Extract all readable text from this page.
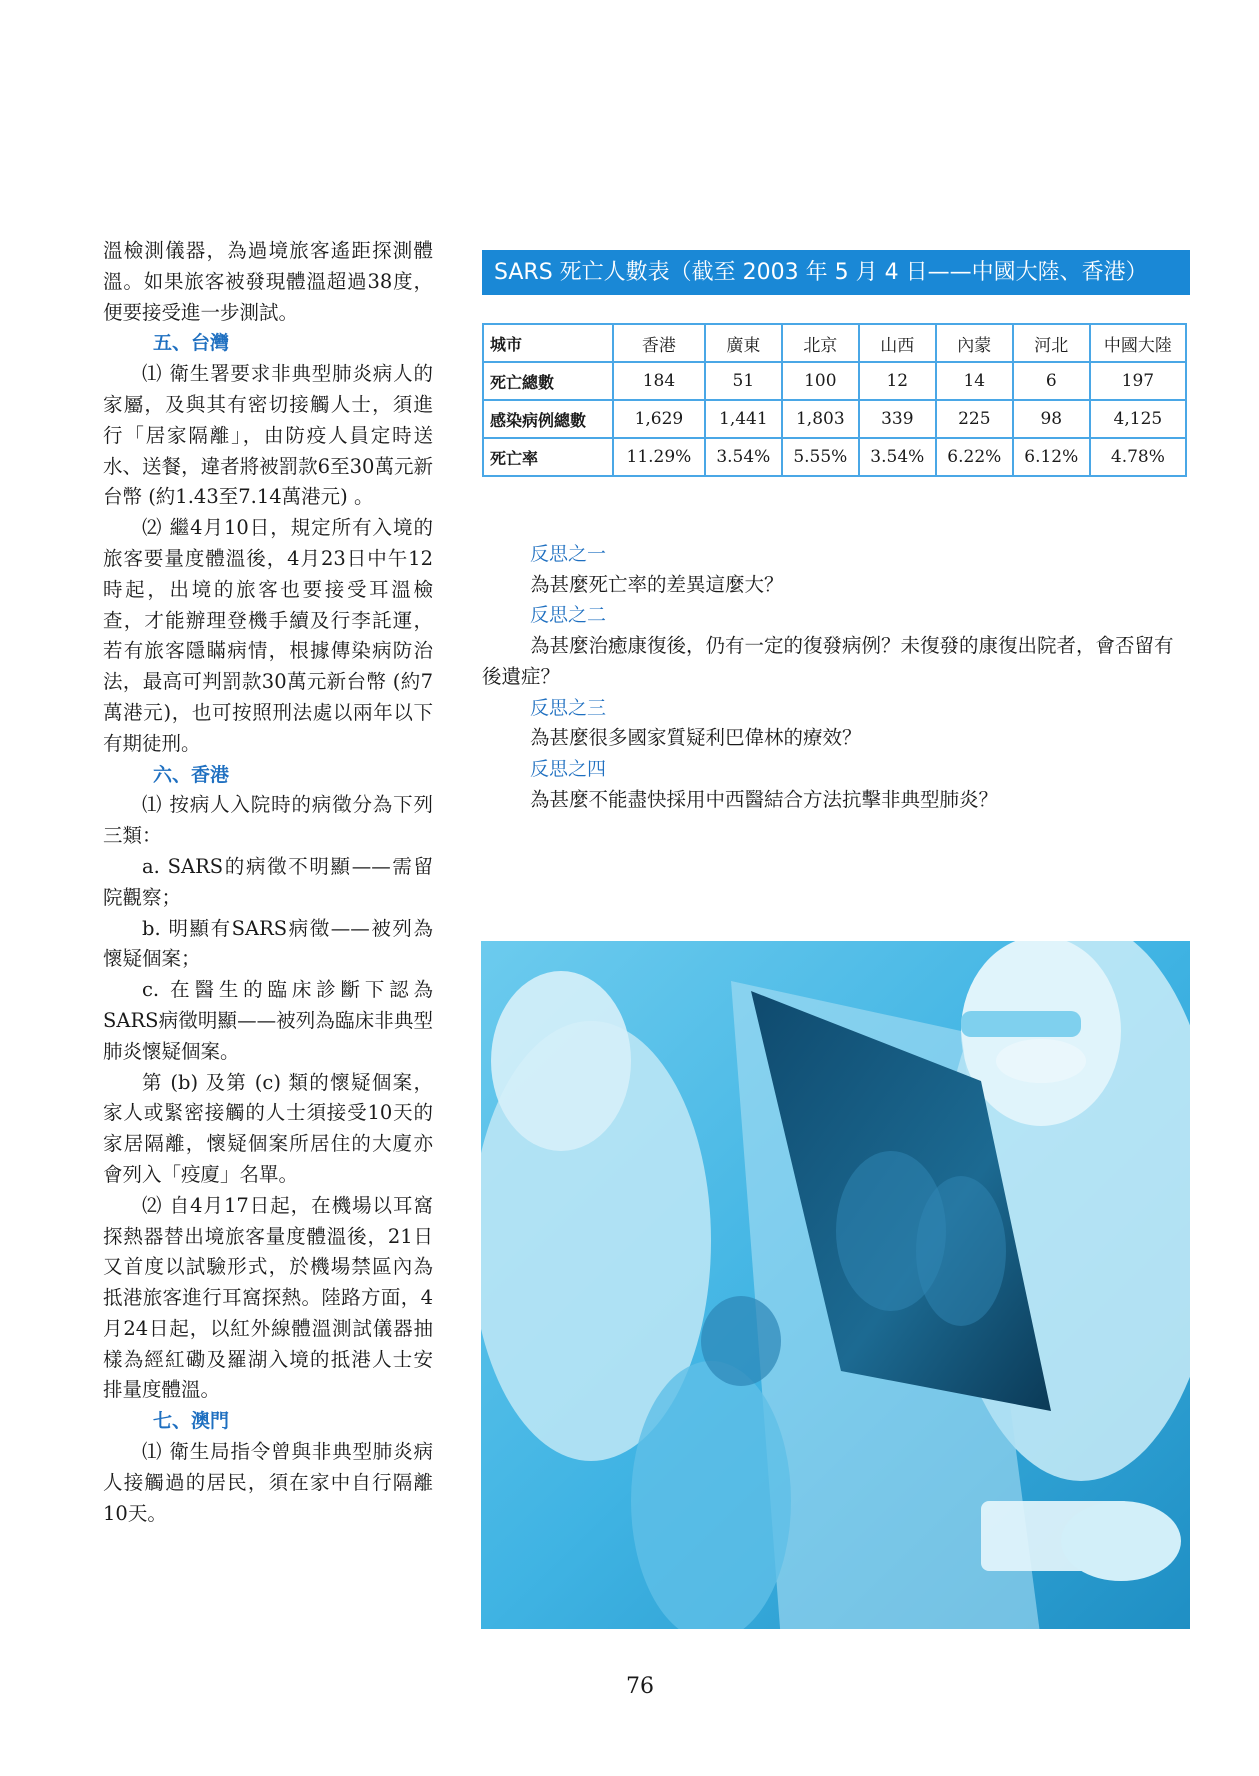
溫檢測儀器，為過境旅客遙距探測體溫。如果旅客被發現體溫超過38度，便要接受進一步測試。

五、台灣

⑴ 衛生署要求非典型肺炎病人的家屬，及與其有密切接觸人士，須進行「居家隔離」，由防疫人員定時送水、送餐，違者將被罰款6至30萬元新台幣 (約1.43至7.14萬港元) 。

⑵ 繼4月10日，規定所有入境的旅客要量度體溫後，4月23日中午12時起，出境的旅客也要接受耳溫檢查，才能辦理登機手續及行李託運，若有旅客隱瞞病情，根據傳染病防治法，最高可判罰款30萬元新台幣 (約7萬港元)，也可按照刑法處以兩年以下有期徒刑。

六、香港

⑴ 按病人入院時的病徵分為下列三類：

a. SARS的病徵不明顯——需留院觀察；

b. 明顯有SARS病徵——被列為懷疑個案；

c. 在醫生的臨床診斷下認為SARS病徵明顯——被列為臨床非典型肺炎懷疑個案。

第 (b) 及第 (c) 類的懷疑個案，家人或緊密接觸的人士須接受10天的家居隔離，懷疑個案所居住的大廈亦會列入「疫廈」名單。

⑵ 自4月17日起，在機場以耳窩探熱器替出境旅客量度體溫後，21日又首度以試驗形式，於機場禁區內為抵港旅客進行耳窩探熱。陸路方面，4月24日起，以紅外線體溫測試儀器抽樣為經紅磡及羅湖入境的抵港人士安排量度體溫。

七、澳門

⑴ 衛生局指令曾與非典型肺炎病人接觸過的居民，須在家中自行隔離10天。

SARS 死亡人數表（截至 2003 年 5 月 4 日——中國大陸、香港）
城市	香港	廣東	北京	山西	內蒙	河北	中國大陸
死亡總數	184	51	100	12	14	6	197
感染病例總數	1,629	1,441	1,803	339	225	98	4,125
死亡率	11.29%	3.54%	5.55%	3.54%	6.22%	6.12%	4.78%
反思之一
為甚麼死亡率的差異這麼大？
反思之二
為甚麼治癒康復後，仍有一定的復發病例？未復發的康復出院者，會否留有後遺症？
反思之三
為甚麼很多國家質疑利巴偉林的療效？
反思之四
為甚麼不能盡快採用中西醫結合方法抗擊非典型肺炎？
76
